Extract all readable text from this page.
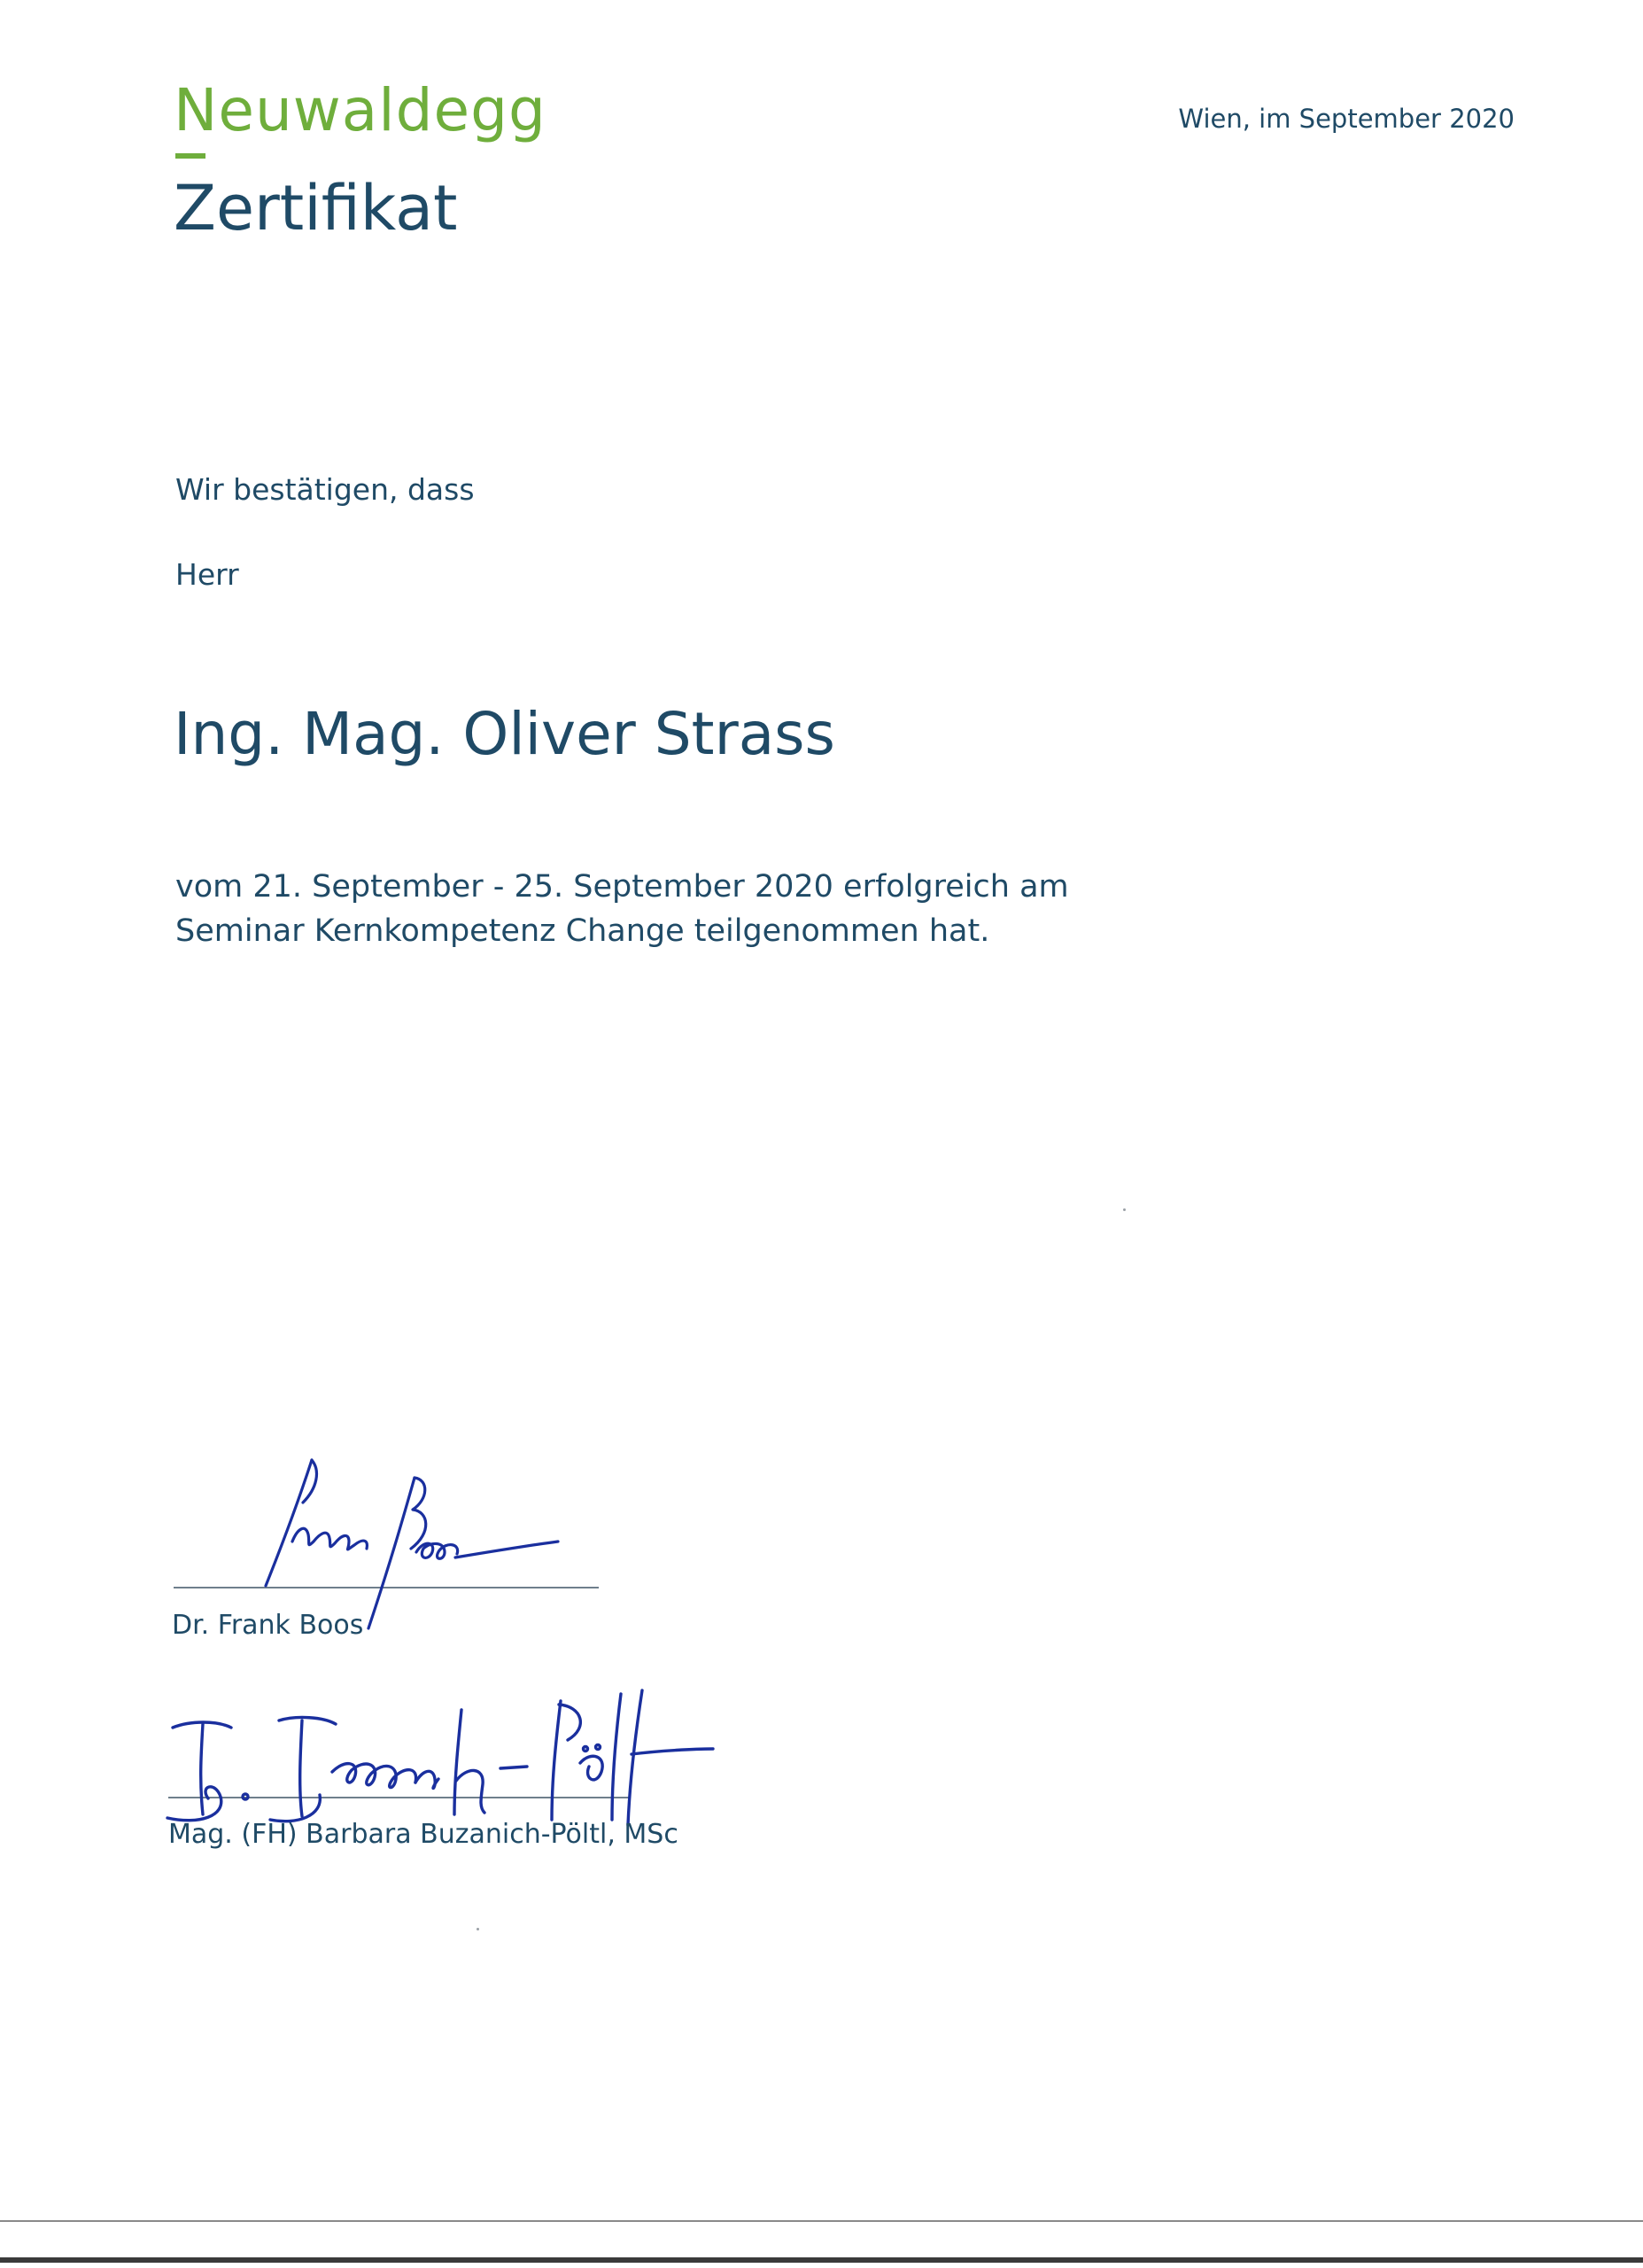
Neuwaldegg
Zertifikat
Wien, im September 2020
Wir bestätigen, dass
Herr
Ing. Mag. Oliver Strass
vom 21. September - 25. September 2020 erfolgreich am
Seminar Kernkompetenz Change teilgenommen hat.
Dr. Frank Boos
Mag. (FH) Barbara Buzanich-Pöltl, MSc
